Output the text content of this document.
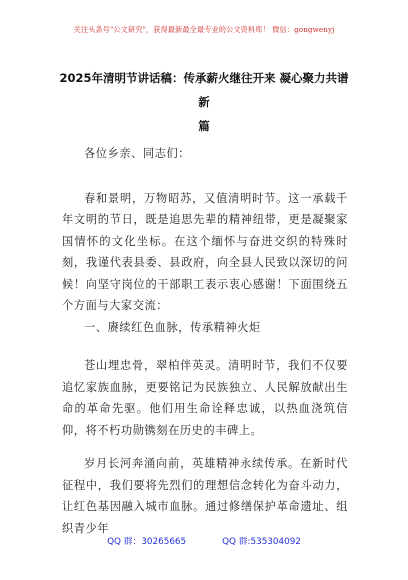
关注头条号"公文研究"，获得最新最全最专业的公文资料库！ 微信：gongwenyj
2025年清明节讲话稿：传承薪火继往开来 凝心聚力共谱新
篇

各位乡亲、同志们：

春和景明，万物昭苏，又值清明时节。这一承载千年文明的节日，既是追思先辈的精神纽带，更是凝聚家国情怀的文化坐标。在这个缅怀与奋进交织的特殊时刻，我谨代表县委、县政府，向全县人民致以深切的问候！向坚守岗位的干部职工表示衷心感谢！下面围绕五个方面与大家交流：

一、赓续红色血脉，传承精神火炬

苍山埋忠骨，翠柏伴英灵。清明时节，我们不仅要追忆家族血脉，更要铭记为民族独立、人民解放献出生命的革命先驱。他们用生命诠释忠诚，以热血浇筑信仰，将不朽功勋镌刻在历史的丰碑上。

岁月长河奔涌向前，英雄精神永续传承。在新时代征程中，我们要将先烈们的理想信念转化为奋斗动力，让红色基因融入城市血脉。通过修缮保护革命遗址、组织青少年

QQ 群：30265665	QQ 群:535304092
